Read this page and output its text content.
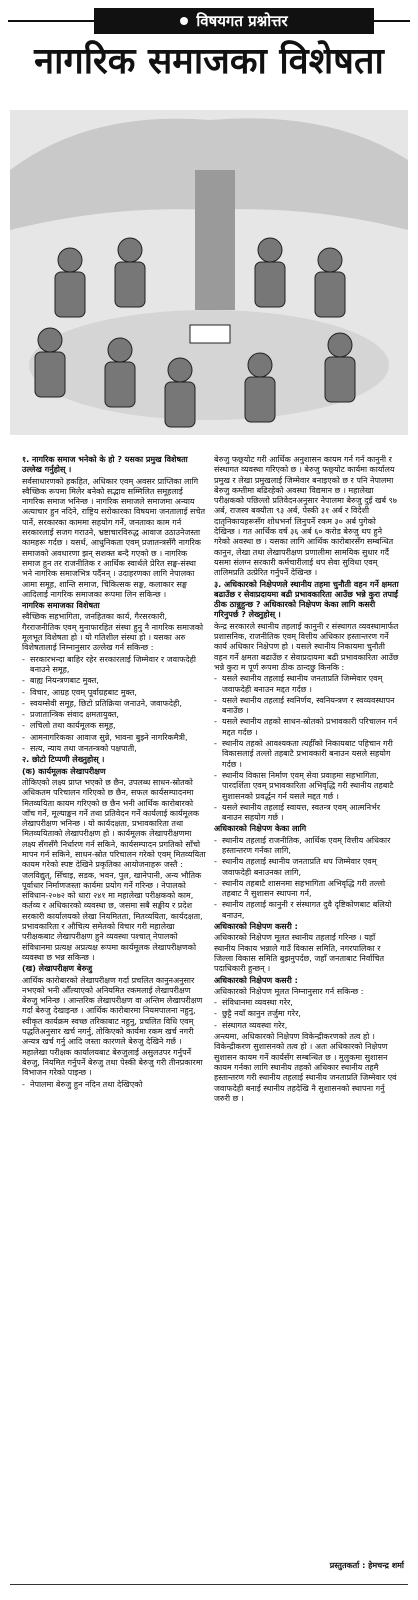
विषयगत प्रश्नोत्तर
नागरिक समाजका विशेषता

१. नागरिक समाज भनेको के हो ? यसका प्रमुख विशेषता उल्लेख गर्नुहोस् ।

सर्वसाधारणको हकहित, अधिकार एवम् अवसर प्राप्तिका लागि स्वैच्छिक रूपमा मिलेर बनेको सद्भाव सम्मिलित समूहलाई नागरिक समाज भनिन्छ । नागरिक समाजले समाजमा अन्याय अत्याचार हुन नदिने, राष्ट्रिय सरोकारका विषयमा जनतालाई सचेत पार्ने, सरकारका काममा सहयोग गर्ने, जनताका काम गर्न सरकारलाई सजग गराउने, भ्रष्टाचारविरुद्ध आवाज उठाउनेजस्ता कामहरू गर्दछ । यसर्थ, आधुनिकता एवम् प्रजातन्त्रसँगै नागरिक समाजको अवधारणा झन् सशक्त बन्दै गएको छ । नागरिक समाज हुन तर राजनीतिक र आर्थिक स्वार्थले प्रेरित सङ्घ-संस्था भने नागरिक समाजभित्र पर्दैनन् । उदाहरणका लागि नेपालका आमा समूह, शान्ति समाज, चिकित्सक सङ्घ, कलाकार सङ्घ आदिलाई नागरिक समाजका रूपमा लिन सकिन्छ ।

नागरिक समाजका विशेषता

स्वैच्छिक सहभागिता, जनहितका कार्य, गैरसरकारी, गैरराजनीतिक एवम् मुनाफारहित संस्था हुनु नै नागरिक समाजको मूलभूत विशेषता हो । यो गतिशील संस्था हो । यसका अरु विशेषतालाई निम्नानुसार उल्लेख गर्न सकिन्छ :

- सरकारभन्दा बाहिर रहेर सरकारलाई जिम्मेवार र जवाफदेही बनाउने समूह,

- बाह्य नियन्त्रणबाट मुक्त,

- विचार, आग्रह एवम् पूर्वाग्रहबाट मुक्त,

- स्वयम्सेवी समूह, छिटो प्रतिक्रिया जनाउने, जवाफदेही,

- प्रजातान्त्रिक संवाद क्षमतायुक्त,

- लचिलो तथा कार्यमूलक समूह,

- आमनागरिकका आवाज सुन्ने, भावना बुझ्ने नागरिकमैत्री,

- सत्य, न्याय तथा जनतन्त्रको पक्षपाती,

२. छोटो टिप्पणी लेख्नुहोस् ।

(क) कार्यमूलक लेखापरीक्षण

तोकिएको लक्ष्य प्राप्त भएको छ छैन, उपलब्ध साधन-स्रोतको अधिकतम परिचालन गरिएको छ छैन, सफल कार्यसम्पादनमा मितव्ययिता कायम गरिएको छ छैन भनी आर्थिक कारोबारको जाँच गर्ने, मूल्याङ्कन गर्ने तथा प्रतिवेदन गर्ने कार्यलाई कार्यमूलक लेखापरीक्षण भनिन्छ । यो कार्यदक्षता, प्रभावकारिता तथा मितव्ययिताको लेखापरीक्षण हो । कार्यमूलक लेखापरीक्षणमा लक्ष्य सँगसँगै निर्धारण गर्न सकिने, कार्यसम्पादन प्रगतिको साँचो मापन गर्न सकिने, साधन-स्रोत परिचालन गरेको एवम् मितव्ययिता कायम गरेको स्पष्ट देखिने प्रकृतिका आयोजनाहरू जस्तै : जलविद्युत्, सिँचाइ, सडक, भवन, पुल, खानेपानी, अन्य भौतिक पूर्वाधार निर्माणजस्ता कार्यमा प्रयोग गर्ने गरिन्छ । नेपालको संविधान-२०७२ को धारा २४१ मा महालेखा परीक्षकको काम, कर्तव्य र अधिकारको व्यवस्था छ, जसमा सबै सङ्घीय र प्रदेश सरकारी कार्यालयको लेखा नियमितता, मितव्ययिता, कार्यदक्षता, प्रभावकारिता र औचित्य समेतको विचार गरी महालेखा परीक्षकबाट लेखापरीक्षण हुने व्यवस्था पश्चात् नेपालको संविधानमा प्रत्यक्ष अप्रत्यक्ष रूपमा कार्यमूलक लेखापरीक्षणको व्यवस्था छ भन्न सकिन्छ ।

(ख) लेखापरीक्षण बेरुजु

आर्थिक कारोबारको लेखापरीक्षण गर्दा प्रचलित कानुनअनुसार नभएको भनी औँल्याएको अनियमित रकमलाई लेखापरीक्षण बेरुजु भनिन्छ । आन्तरिक लेखापरीक्षण वा अन्तिम लेखापरीक्षण गर्दा बेरुजु देखाइन्छ । आर्थिक कारोबारमा नियमपालना नहुनु, स्वीकृत कार्यक्रम स्वच्छ तरिकाबाट नहुनु, प्रचलित विधि एवम् पद्धतिअनुसार खर्च नगर्नु, तोकिएको कार्यमा रकम खर्च नगरी अन्यत्र खर्च गर्नु आदि जस्ता कारणले बेरुजु देखिने गर्छ । महालेखा परीक्षक कार्यालयबाट बेरुजुलाई असुलउपर गर्नुपर्ने बेरुजु, नियमित गर्नुपर्ने बेरुजु तथा पेस्की बेरुजु गरी तीनप्रकारमा विभाजन गरेको पाइन्छ ।

- नेपालमा बेरुजु हुन नदिन तथा देखिएको

बेरुजु फछ्र्योट गरी आर्थिक अनुशासन कायम गर्न गर्न कानुनी र संस्थागत व्यवस्था गरिएको छ । बेरुजु फछ्र्योट कार्यमा कार्यालय प्रमुख र लेखा प्रमुखलाई जिम्मेवार बनाइएको छ र पनि नेपालमा बेरुजु कम्तीमा बढिरहेको अवस्था विद्यमान छ । महालेखा परीक्षकको पछिल्लो प्रतिवेदनअनुसार नेपालमा बेरुजु दुई खर्ब ९७ अर्ब, राजस्व बक्यौता ९३ अर्ब, पेस्की ३१ अर्ब र विदेशी दातृनिकायहरूसँग शोधभर्ना लिनुपर्ने रकम ३० अर्ब पुगेको देखिन्छ । गत आर्थिक वर्ष ३६ अर्ब ६० करोड बेरुजु थप हुने गरेको अवस्था छ । यसका लागि आर्थिक कारोबारसँग सम्बन्धित कानुन, लेखा तथा लेखापरीक्षण प्रणालीमा सामयिक सुधार गर्दै यसमा संलग्न सरकारी कर्मचारीलाई थप सेवा सुविधा एवम् तालिमप्रति उत्प्रेरित गर्नुपर्ने देखिन्छ ।

३. अधिकारको निक्षेपणले स्थानीय तहमा चुनौती वहन गर्ने क्षमता बढाउँछ र सेवाप्रदायमा बढी प्रभावकारिता आउँछ भन्ने कुरा तपाईं ठीक ठान्नुहुन्छ ? अधिकारको निक्षेपण केका लागि कसरी गरिनुपर्छ ? लेख्नुहोस् ।

केन्द्र सरकारले स्थानीय तहलाई कानुनी र संस्थागत व्यवस्थामार्फत प्रशासनिक, राजनीतिक एवम् वित्तीय अधिकार हस्तान्तरण गर्ने कार्य अधिकार निक्षेपण हो । यसले स्थानीय निकायमा चुनौती वहन गर्ने क्षमता बढाउँछ र सेवाप्रदायमा बढी प्रभावकारिता आउँछ भन्ने कुरा म पूर्ण रूपमा ठीक ठान्दछु किनकि :

- यसले स्थानीय तहलाई स्थानीय जनताप्रति जिम्मेवार एवम् जवाफदेही बनाउन मद्दत गर्दछ ।

- यसले स्थानीय तहलाई स्वनिर्णय, स्वनियन्त्रण र स्वव्यवस्थापन बनाउँछ ।

- यसले स्थानीय तहको साधन-स्रोतको प्रभावकारी परिचालन गर्न मद्दत गर्दछ ।

- स्थानीय तहको आवश्यकता त्यहीँको निकायबाट पहिचान गरी विकासलाई तल्लो तहबाटै प्रभावकारी बनाउन यसले सहयोग गर्दछ ।

- स्थानीय विकास निर्माण एवम् सेवा प्रवाहमा सहभागिता, पारदर्शिता एवम् प्रभावकारिता अभिवृद्धि गरी स्थानीय तहबाटै सुशासनको प्रवर्द्धन गर्न यसले मद्दत गर्छ ।

- यसले स्थानीय तहलाई स्वायत्त, स्वतन्त्र एवम् आत्मनिर्भर बनाउन सहयोग गर्छ ।

अधिकारको निक्षेपण केका लागि

- स्थानीय तहलाई राजनीतिक, आर्थिक एवम् वित्तीय अधिकार हस्तान्तरण गर्नका लागि,

- स्थानीय तहलाई स्थानीय जनताप्रति थप जिम्मेवार एवम् जवाफदेही बनाउनका लागि,

- स्थानीय तहबाटै शासनमा सहभागिता अभिवृद्धि गरी तल्लो तहबाट नै सुशासन स्थापना गर्न,

- स्थानीय तहलाई कानुनी र संस्थागत दुवै दृष्टिकोणबाट बलियो बनाउन,

अधिकारको निक्षेपण कसरी :

अधिकारको निक्षेपण मूलत स्थानीय तहलाई गरिन्छ । यहाँ स्थानीय निकाय भन्नाले गाउँ विकास समिति, नगरपालिका र जिल्ला विकास समिति बुझनुपर्दछ, जहाँ जनताबाट निर्वाचित पदाधिकारी हुन्छन् ।

अधिकारको निक्षेपण कसरी :

अधिकारको निक्षेपण मूलत निम्नानुसार गर्न सकिन्छ :

- संविधानमा व्यवस्था गरेर,

- छुट्टै नयाँ कानुन तर्जुमा गरेर,

- संस्थागत व्यवस्था गरेर,

अन्त्यमा, अधिकारको निक्षेपण विकेन्द्रीकरणको तत्व हो । विकेन्द्रीकरण सुशासनको तत्व हो । अतः अधिकारको निक्षेपण सुशासन कायम गर्ने कार्यसँग सम्बन्धित छ । मुलुकमा सुशासन कायम गर्नका लागि स्थानीय तहको अधिकार स्थानीय तहमै हस्तान्तरण गरी स्थानीय तहलाई स्थानीय जनताप्रति जिम्मेवार एवं जवाफदेही बनाई स्थानीय तहदेखि नै सुशासनको स्थापना गर्नु जरुरी छ ।

प्रस्तुतकर्ता : हेमचन्द्र शर्मा
